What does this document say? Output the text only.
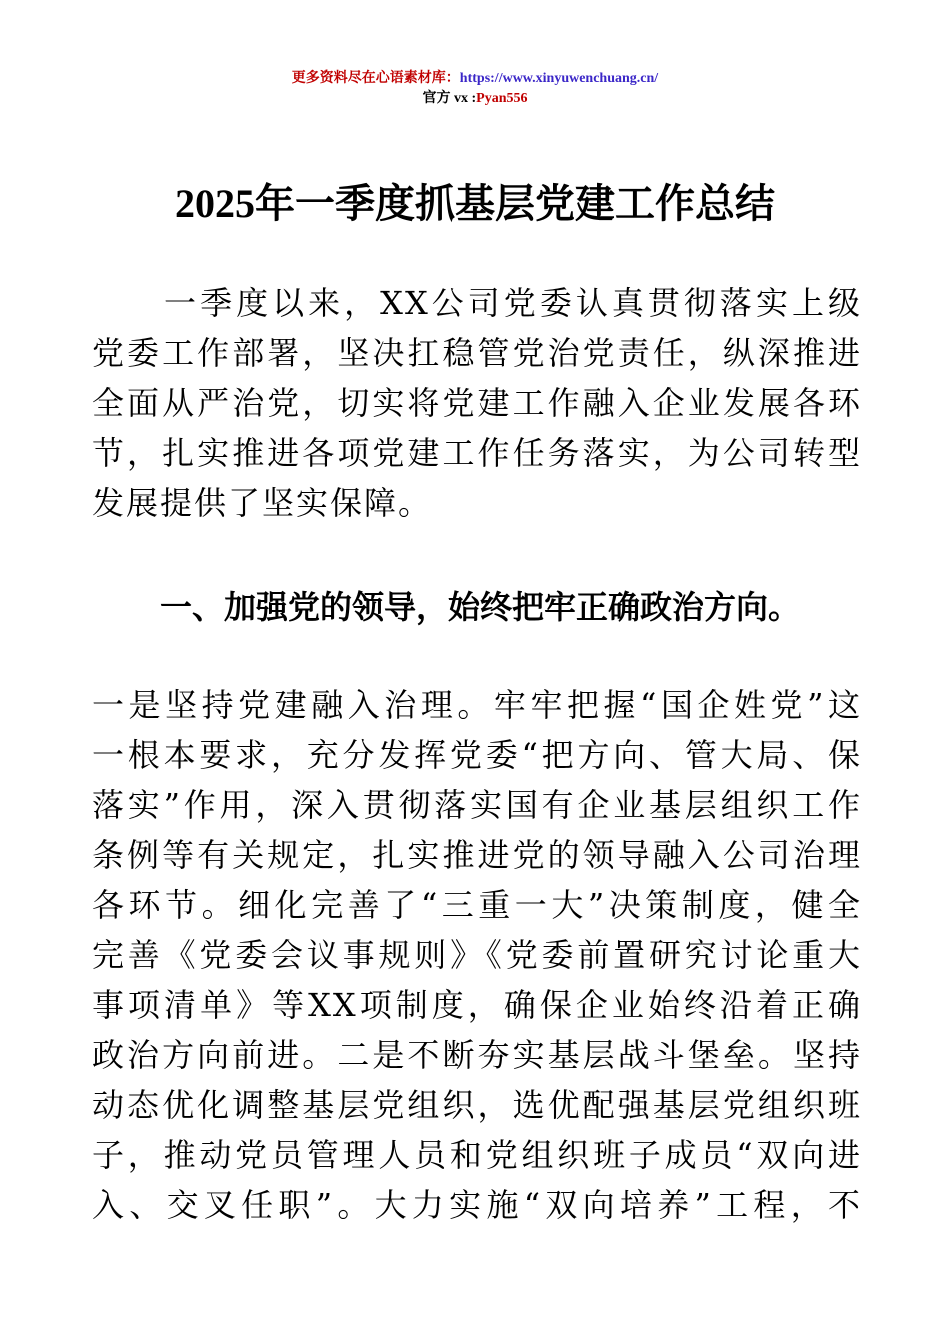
更多资料尽在心语素材库：https://www.xinyuwenchuang.cn/
官方 vx :Pyan556
2025年一季度抓基层党建工作总结
　　一季度以来，XX公司党委认真贯彻落实上级
党委工作部署，坚决扛稳管党治党责任，纵深推进
全面从严治党，切实将党建工作融入企业发展各环
节，扎实推进各项党建工作任务落实，为公司转型
发展提供了坚实保障。
一、加强党的领导，始终把牢正确政治方向。
一是坚持党建融入治理。牢牢把握“国企姓党”这
一根本要求，充分发挥党委“把方向、管大局、保
落实”作用，深入贯彻落实国有企业基层组织工作
条例等有关规定，扎实推进党的领导融入公司治理
各环节。细化完善了“三重一大”决策制度，健全
完善《党委会议事规则》《党委前置研究讨论重大
事项清单》等XX项制度，确保企业始终沿着正确
政治方向前进。二是不断夯实基层战斗堡垒。坚持
动态优化调整基层党组织，选优配强基层党组织班
子，推动党员管理人员和党组织班子成员“双向进
入、交叉任职”。大力实施“双向培养”工程，不
